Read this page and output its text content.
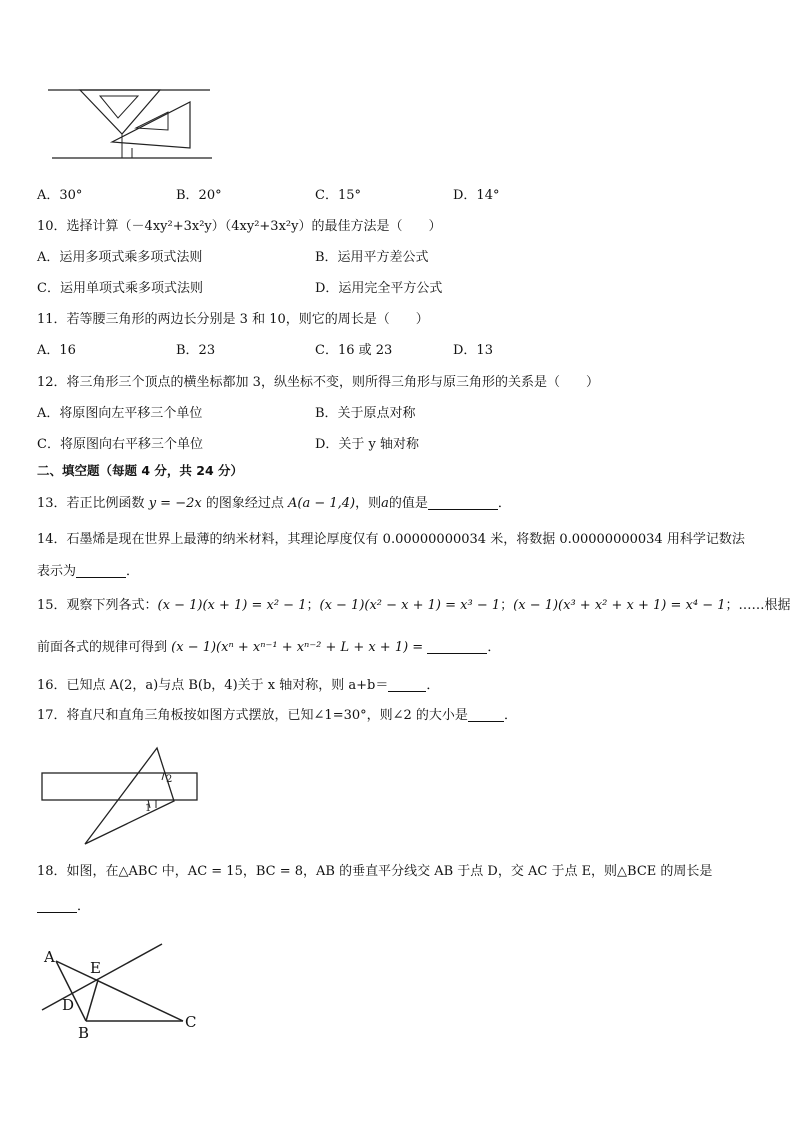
A．30°	B．20°	C．15°	D．14°
10．选择计算（－4xy²+3x²y）（4xy²+3x²y）的最佳方法是（　　）
A．运用多项式乘多项式法则	B．运用平方差公式
C．运用单项式乘多项式法则	D．运用完全平方公式
11．若等腰三角形的两边长分别是 3 和 10，则它的周长是（　　）
A．16	B．23	C．16 或 23	D．13
12．将三角形三个顶点的横坐标都加 3，纵坐标不变，则所得三角形与原三角形的关系是（　　）
A．将原图向左平移三个单位	B．关于原点对称
C．将原图向右平移三个单位	D．关于 y 轴对称
二、填空题（每题 4 分，共 24 分）
13．若正比例函数 y = −2x 的图象经过点 A(a − 1,4)，则a的值是	．
14．石墨烯是现在世界上最薄的纳米材料，其理论厚度仅有 0.00000000034 米，将数据 0.00000000034 用科学记数法
表示为	．
15．观察下列各式：(x − 1)(x + 1) = x² − 1；(x − 1)(x² − x + 1) = x³ − 1；(x − 1)(x³ + x² + x + 1) = x⁴ − 1；……根据
前面各式的规律可得到 (x − 1)(xⁿ + xⁿ⁻¹ + xⁿ⁻² + L + x + 1) =	．
16．已知点 A(2，a)与点 B(b，4)关于 x 轴对称，则 a+b＝	．
17．将直尺和直角三角板按如图方式摆放，已知∠1=30°，则∠2 的大小是	．
1
2
18．如图，在△ABC 中，AC = 15，BC = 8，AB 的垂直平分线交 AB 于点 D，交 AC 于点 E，则△BCE 的周长是
．
A
E
D
B
C
